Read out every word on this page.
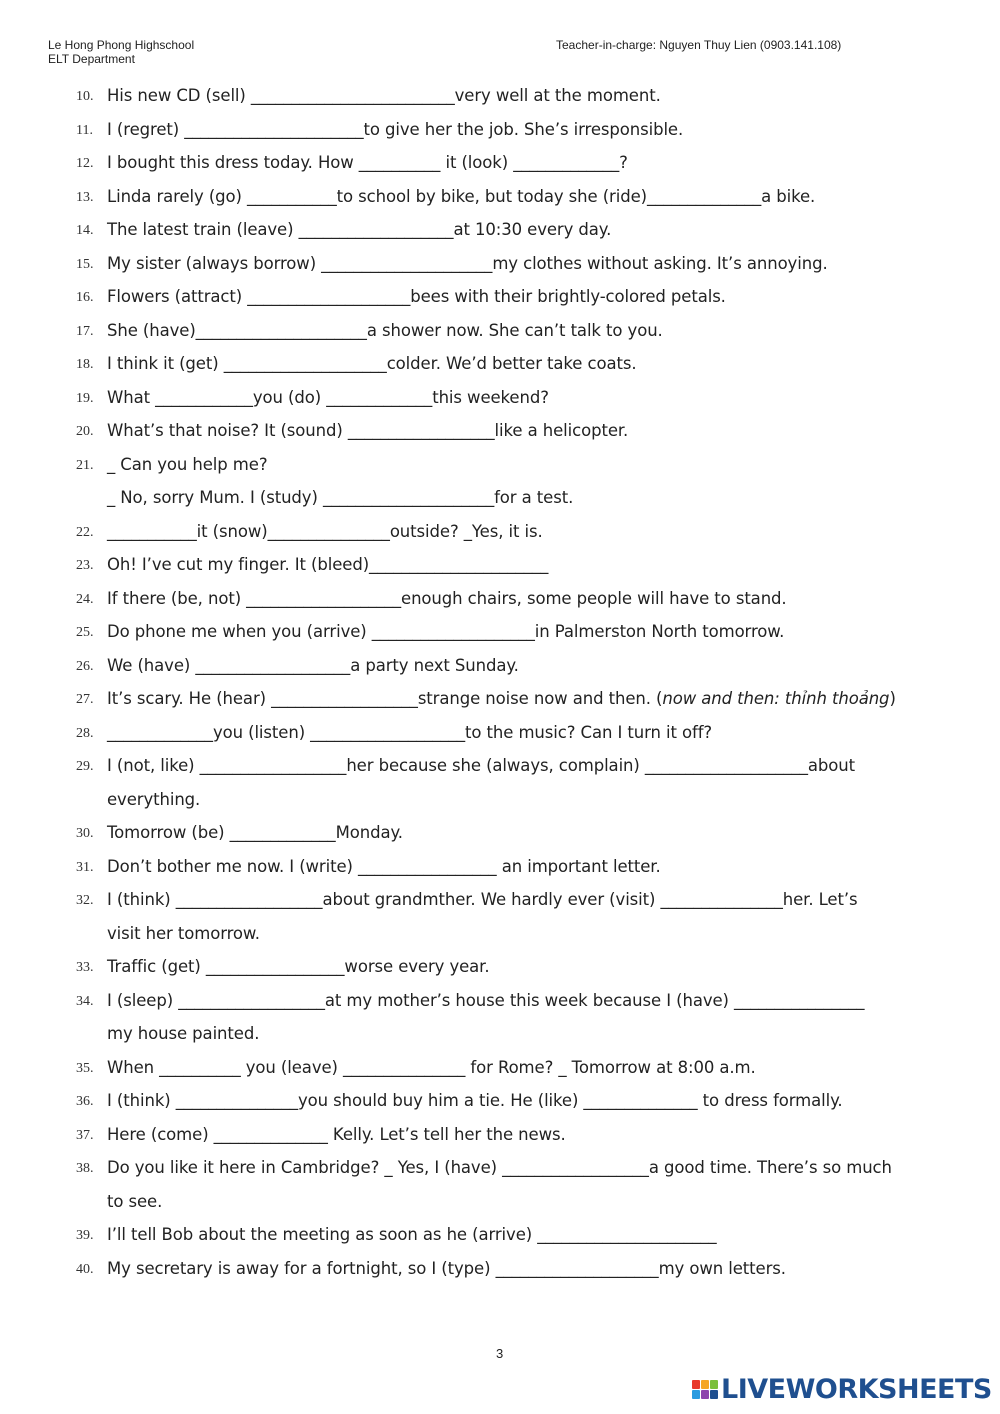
Le Hong Phong Highschool
ELT Department
Teacher-in-charge: Nguyen Thuy Lien (0903.141.108)
10. His new CD (sell) _________________________very well at the moment.
11. I (regret) ______________________to give her the job. She’s irresponsible.
12. I bought this dress today. How __________ it (look) _____________?
13. Linda rarely (go) ___________to school by bike, but today she (ride)______________a bike.
14. The latest train (leave) ___________________at 10:30 every day.
15. My sister (always borrow) _____________________my clothes without asking. It’s annoying.
16. Flowers (attract) ____________________bees with their brightly-colored petals.
17. She (have)_____________________a shower now. She can’t talk to you.
18. I think it (get) ____________________colder. We’d better take coats.
19. What ____________you (do) _____________this weekend?
20. What’s that noise? It (sound) __________________like a helicopter.
21. _ Can you help me?
_ No, sorry Mum. I (study) _____________________for a test.
22. ___________it (snow)_______________outside? _Yes, it is.
23. Oh! I’ve cut my finger. It (bleed)______________________
24. If there (be, not) ___________________enough chairs, some people will have to stand.
25. Do phone me when you (arrive) ____________________in Palmerston North tomorrow.
26. We (have) ___________________a party next Sunday.
27. It’s scary. He (hear) __________________strange noise now and then. (now and then: thỉnh thoảng)
28. _____________you (listen) ___________________to the music? Can I turn it off?
29. I (not, like) __________________her because she (always, complain) ____________________about
everything.
30. Tomorrow (be) _____________Monday.
31. Don’t bother me now. I (write) _________________ an important letter.
32. I (think) __________________about grandmther. We hardly ever (visit) _______________her. Let’s
visit her tomorrow.
33. Traffic (get) _________________worse every year.
34. I (sleep) __________________at my mother’s house this week because I (have) ________________
my house painted.
35. When __________ you (leave) _______________ for Rome? _ Tomorrow at 8:00 a.m.
36. I (think) _______________you should buy him a tie. He (like) ______________ to dress formally.
37. Here (come) ______________ Kelly. Let’s tell her the news.
38. Do you like it here in Cambridge? _ Yes, I (have) __________________a good time. There’s so much
to see.
39. I’ll tell Bob about the meeting as soon as he (arrive) ______________________
40. My secretary is away for a fortnight, so I (type) ____________________my own letters.
3
LIVEWORKSHEETS
